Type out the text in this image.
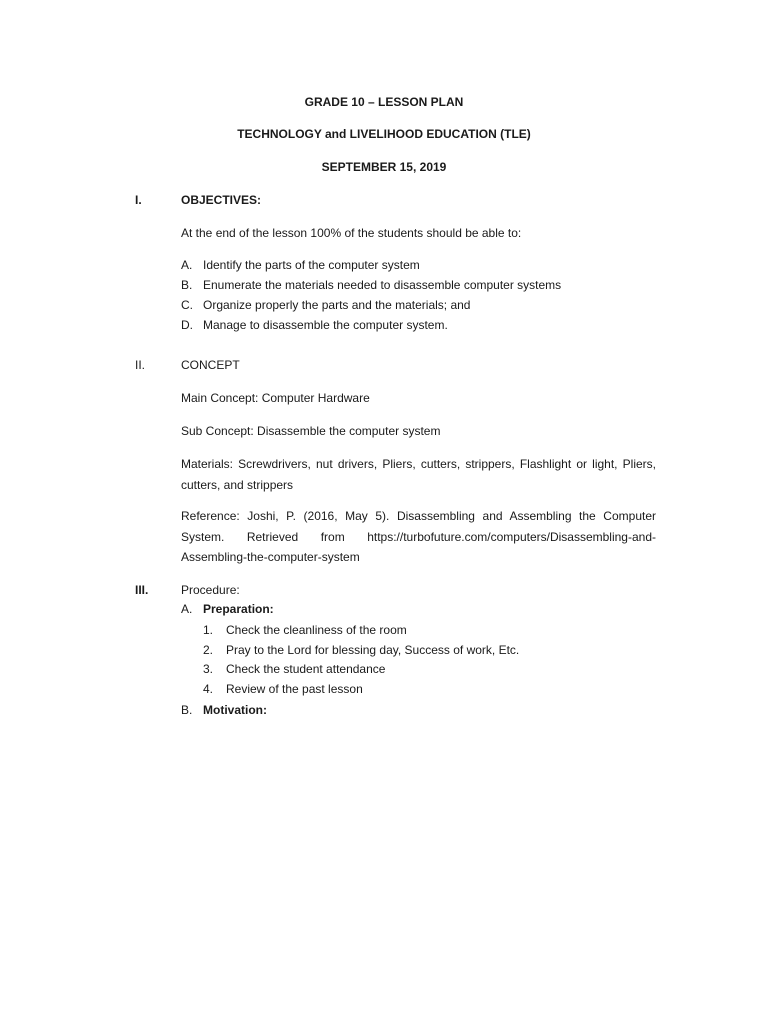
GRADE 10 – LESSON PLAN
TECHNOLOGY and LIVELIHOOD EDUCATION (TLE)
SEPTEMBER 15, 2019
I.	OBJECTIVES:
At the end of the lesson 100% of the students should be able to:
A. Identify the parts of the computer system
B. Enumerate the materials needed to disassemble computer systems
C. Organize properly the parts and the materials; and
D. Manage to disassemble the computer system.
II.	CONCEPT
Main Concept: Computer Hardware
Sub Concept: Disassemble the computer system
Materials: Screwdrivers, nut drivers, Pliers, cutters, strippers, Flashlight or light, Pliers, cutters, and strippers
Reference: Joshi, P. (2016, May 5). Disassembling and Assembling the Computer System. Retrieved from https://turbofuture.com/computers/Disassembling-and-Assembling-the-computer-system
III.	Procedure:
A. Preparation:
1. Check the cleanliness of the room
2. Pray to the Lord for blessing day, Success of work, Etc.
3. Check the student attendance
4. Review of the past lesson
B. Motivation:
